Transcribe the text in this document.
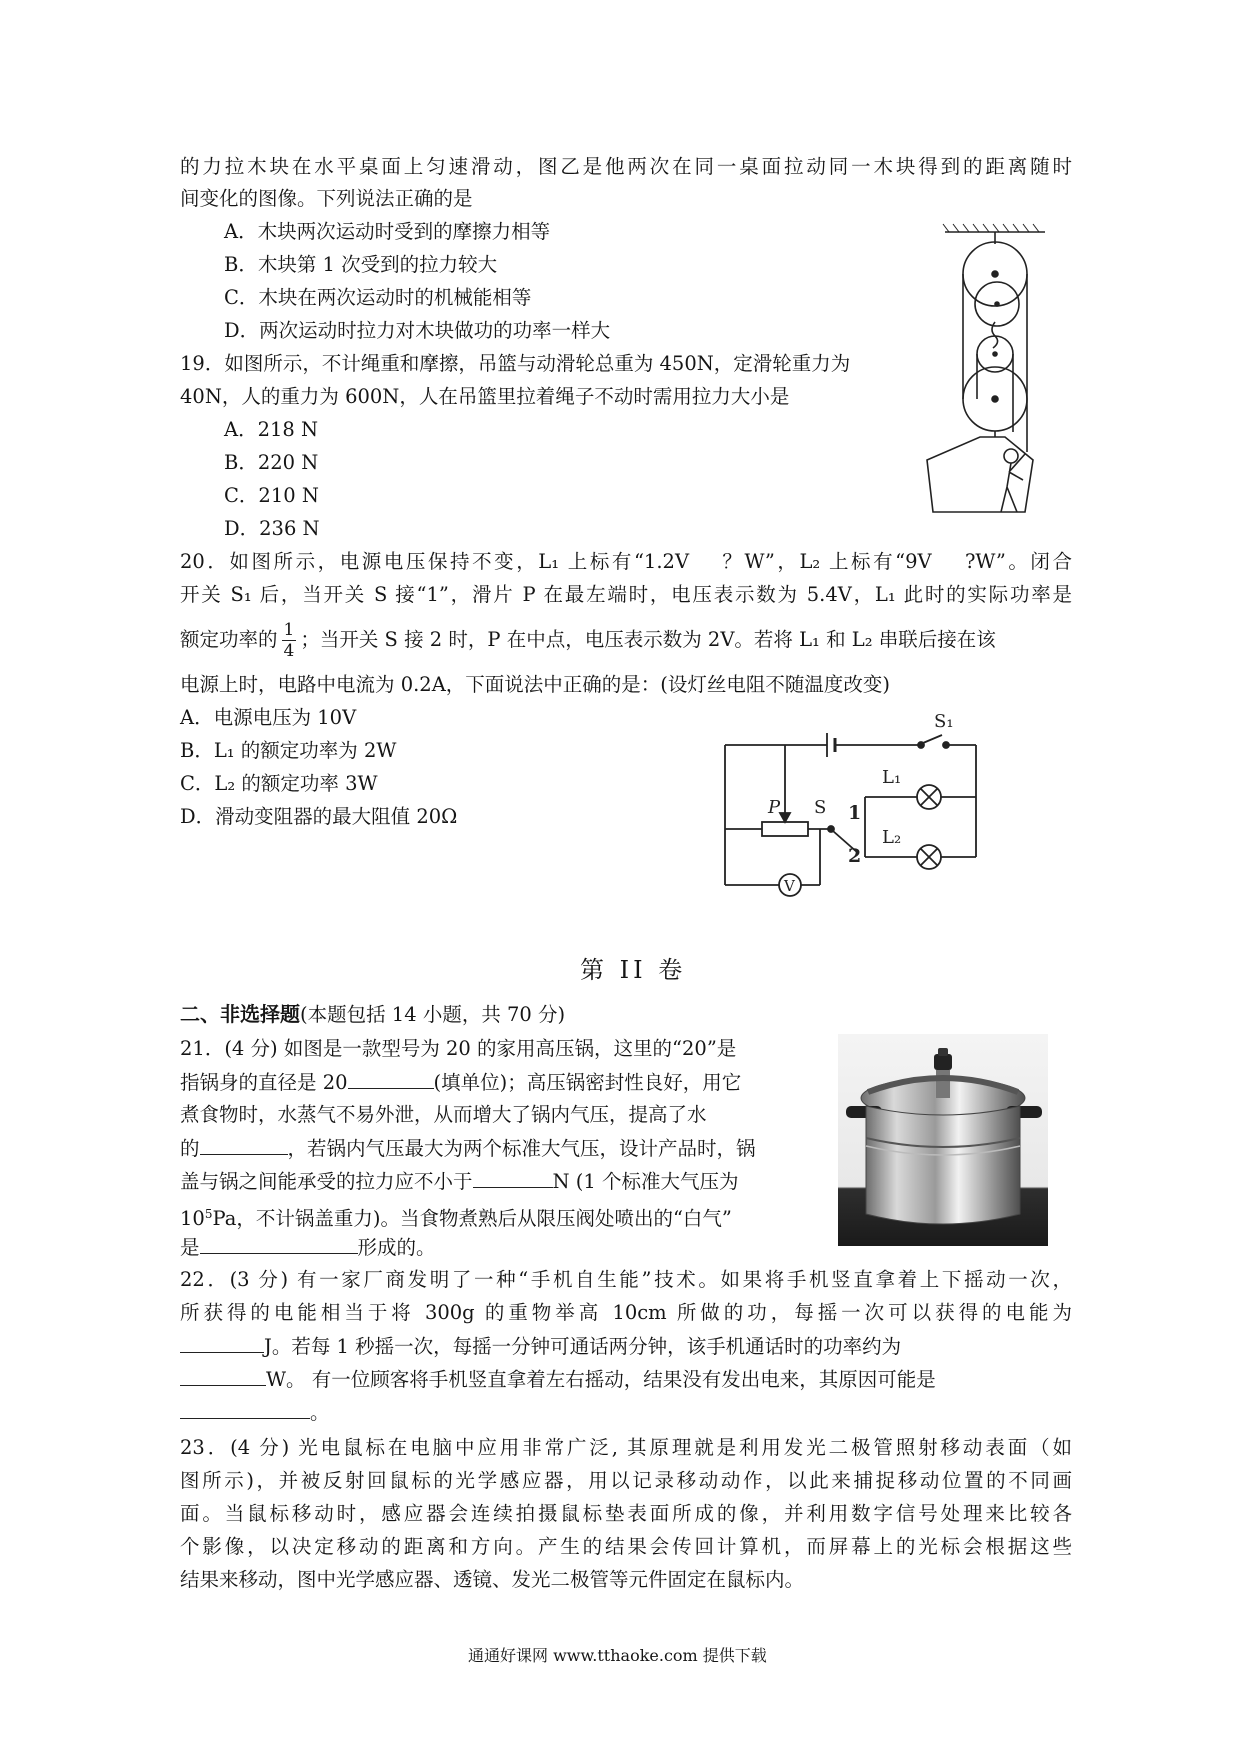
的力拉木块在水平桌面上匀速滑动，图乙是他两次在同一桌面拉动同一木块得到的距离随时
间变化的图像。下列说法正确的是
A．木块两次运动时受到的摩擦力相等
B．木块第 1 次受到的拉力较大
C．木块在两次运动时的机械能相等
D．两次运动时拉力对木块做功的功率一样大
19．如图所示，不计绳重和摩擦，吊篮与动滑轮总重为 450N，定滑轮重力为
40N，人的重力为 600N，人在吊篮里拉着绳子不动时需用拉力大小是
A．218 N
B．220 N
C．210 N
D．236 N
20．如图所示，电源电压保持不变，L₁ 上标有“1.2V　 ？W”，L₂ 上标有“9V　 ?W”。闭合
开关 S₁ 后，当开关 S 接“1”，滑片 P 在最左端时，电压表示数为 5.4V，L₁ 此时的实际功率是
额定功率的 $\frac{1}{4}$ ；当开关 S 接 2 时，P 在中点，电压表示数为 2V。若将 L₁ 和 L₂ 串联后接在该
电源上时，电路中电流为 0.2A，下面说法中正确的是：(设灯丝电阻不随温度改变)
A．电源电压为 10V
B．L₁ 的额定功率为 2W
C．L₂ 的额定功率 3W
D．滑动变阻器的最大阻值 20Ω
S₁
L₁
L₂
P S 1
2
V
第 II 卷
二、非选择题(本题包括 14 小题，共 70 分)
21．(4 分) 如图是一款型号为 20 的家用高压锅，这里的“20”是
指锅身的直径是 20	(填单位)；高压锅密封性良好，用它
煮食物时，水蒸气不易外泄，从而增大了锅内气压，提高了水
的	，若锅内气压最大为两个标准大气压，设计产品时，锅
盖与锅之间能承受的拉力应不小于	N (1 个标准大气压为
$10^5Pa$，不计锅盖重力)。当食物煮熟后从限压阀处喷出的“白气”
是	形成的。
22．(3 分) 有一家厂商发明了一种“手机自生能”技术。如果将手机竖直拿着上下摇动一次，
所获得的电能相当于将 300g 的重物举高 10cm 所做的功，每摇一次可以获得的电能为
J。若每 1 秒摇一次，每摇一分钟可通话两分钟，该手机通话时的功率约为
W。 有一位顾客将手机竖直拿着左右摇动，结果没有发出电来，其原因可能是
。
23．(4 分) 光电鼠标在电脑中应用非常广泛, 其原理就是利用发光二极管照射移动表面（如
图所示)，并被反射回鼠标的光学感应器，用以记录移动动作，以此来捕捉移动位置的不同画
面。当鼠标移动时，感应器会连续拍摄鼠标垫表面所成的像，并利用数字信号处理来比较各
个影像，以决定移动的距离和方向。产生的结果会传回计算机，而屏幕上的光标会根据这些
结果来移动，图中光学感应器、透镜、发光二极管等元件固定在鼠标内。
通通好课网 www.tthaoke.com 提供下载
